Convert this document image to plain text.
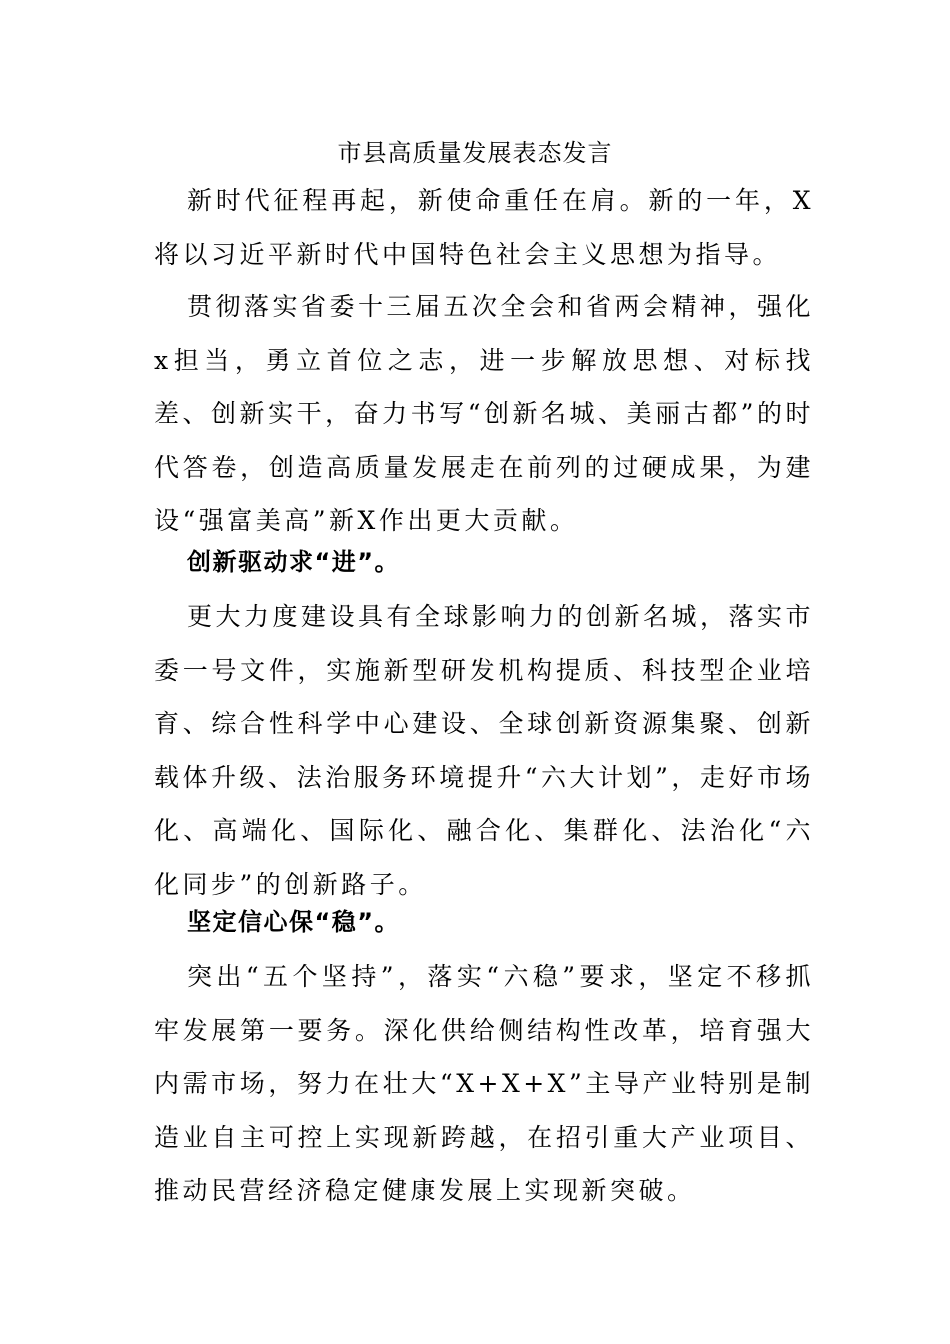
市县高质量发展表态发言

新时代征程再起，新使命重任在肩。新的一年，X将以习近平新时代中国特色社会主义思想为指导。

贯彻落实省委十三届五次全会和省两会精神，强化x担当，勇立首位之志，进一步解放思想、对标找差、创新实干，奋力书写“创新名城、美丽古都”的时代答卷，创造高质量发展走在前列的过硬成果，为建设“强富美高”新X作出更大贡献。

创新驱动求“进”。

更大力度建设具有全球影响力的创新名城，落实市委一号文件，实施新型研发机构提质、科技型企业培育、综合性科学中心建设、全球创新资源集聚、创新载体升级、法治服务环境提升“六大计划”，走好市场化、高端化、国际化、融合化、集群化、法治化“六化同步”的创新路子。

坚定信心保“稳”。

突出“五个坚持”，落实“六稳”要求，坚定不移抓牢发展第一要务。深化供给侧结构性改革，培育强大内需市场，努力在壮大“X+X+X”主导产业特别是制造业自主可控上实现新跨越，在招引重大产业项目、推动民营经济稳定健康发展上实现新突破。
